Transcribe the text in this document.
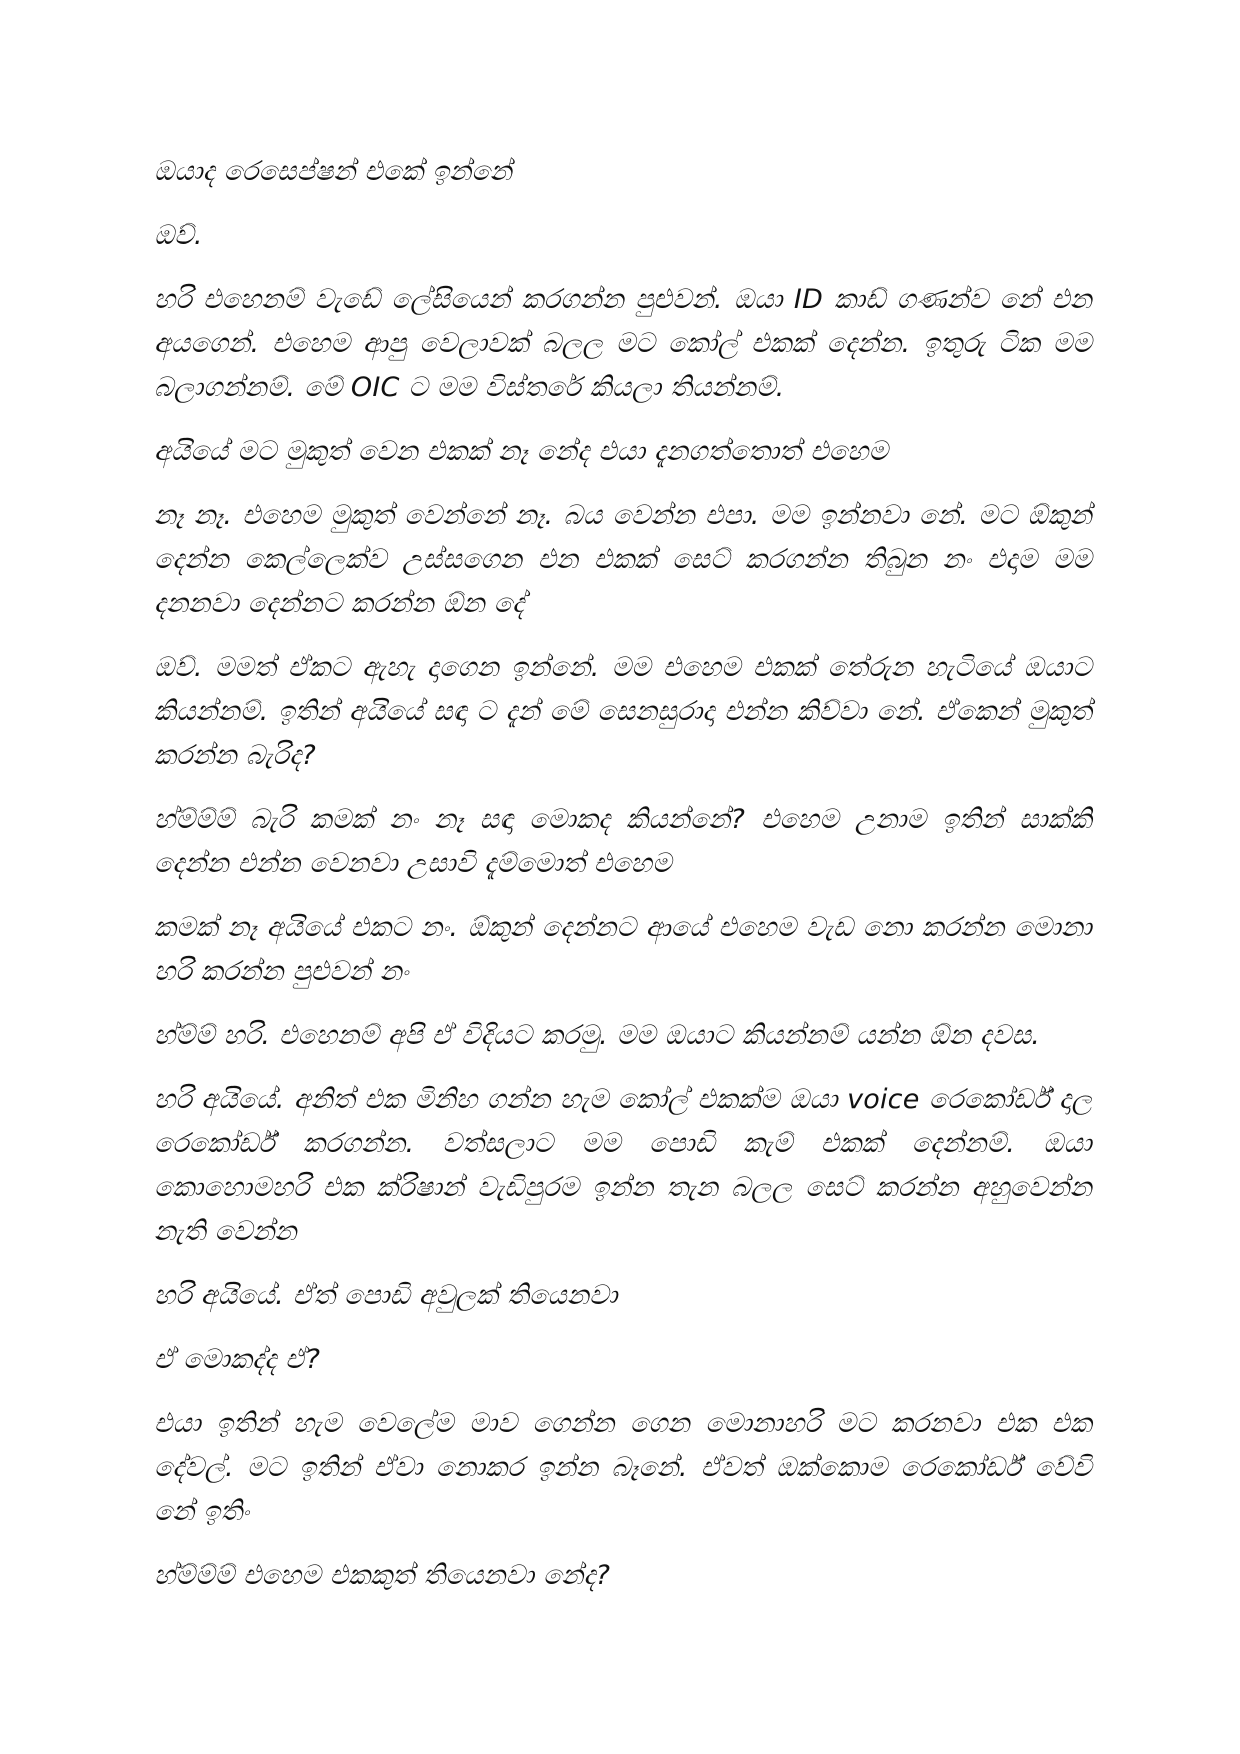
ඔයාද රෙසෙප්ෂන් එකේ ඉන්නේ

ඔව්.

හරි එහෙනම් වැඩේ ලේසියෙන් කරගන්න පුළුවන්. ඔයා ID කාඩ් ගණන්ව නේ එන අයගෙන්. එහෙම ආපු වෙලාවක් බලල මට කෝල් එකක් දෙන්න. ඉතුරු ටික මම බලාගන්නම්. මේ OIC ට මම විස්තරේ කියලා තියන්නම්.

අයියේ මට මුකුත් වෙන එකක් නෑ නේද එයා දැනගත්තොත් එහෙම

නෑ නෑ. එහෙම මුකුත් වෙන්නේ නෑ. බය වෙන්න එපා. මම ඉන්නවා නේ. මට ඕකුන් දෙන්න කෙල්ලෙක්ව උස්සගෙන එන එකක් සෙට් කරගන්න තිබුන නං එදාම මම දනනවා දෙන්නට කරන්න ඕන දේ

ඔව්. මමත් ඒකට ඇහැ දාගෙන ඉන්නේ. මම එහෙම එකක් තේරුන හැටියේ ඔයාට කියන්නම්. ඉතින් අයියේ සඳා ට දැන් මේ සෙනසුරාදා එන්න කිව්වා නේ. ඒකෙන් මුකුත් කරන්න බැරිද?

හ්ම්ම්ම් බැරි කමක් නං නෑ සඳා මොකද කියන්නේ? එහෙම උනාම ඉතින් සාක්කි දෙන්න එන්න වෙනවා උසාවි දැම්මොත් එහෙම

කමක් නෑ අයියේ එකට නං. ඕකුන් දෙන්නට ආයේ එහෙම වැඩ නො කරන්න මොනා හරි කරන්න පුළුවන් නං

හ්ම්ම් හරි. එහෙනම් අපි ඒ විදියට කරමු. මම ඔයාට කියන්නම් යන්න ඕන දවස.

හරි අයියේ. අනිත් එක මිනිහ ගන්න හැම කෝල් එකක්ම ඔයා voice රෙකෝර්ඩ් දාල රෙකෝර්ඩ් කරගන්න. වත්සලාට මම පොඩි කැම් එකක් දෙන්නම්. ඔයා කොහොමහරි එක ක්රිෂාන් වැඩිපුරම ඉන්න තැන බලල සෙට් කරන්න අහුවෙන්න නැති වෙන්න

හරි අයියේ. ඒත් පොඩි අවුලක් තියෙනවා

ඒ මොකද්ද ඒ?

එයා ඉතින් හැම වෙලේම මාව ගෙන්න ගෙන මොනාහරි මට කරනවා එක එක දේවල්. මට ඉතින් ඒවා නොකර ඉන්න බෑනේ. ඒවත් ඔක්කොම රෙකෝර්ඩ් වේවි නේ ඉතිං

හ්ම්ම්ම් එහෙම එකකුත් තියෙනවා නේද?
